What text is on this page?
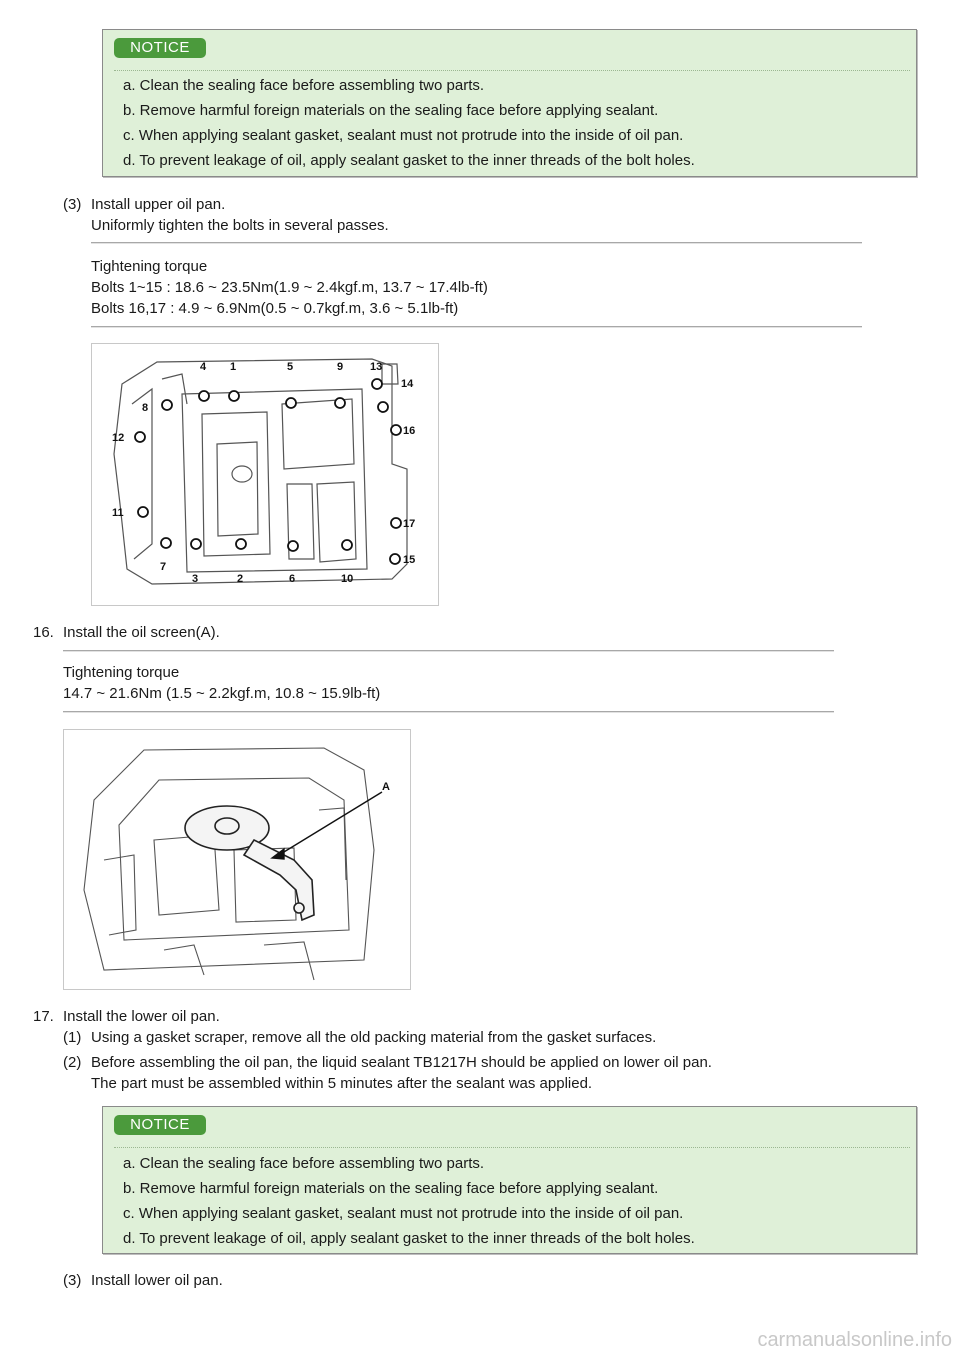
NOTICE
a. Clean the sealing face before assembling two parts.
b. Remove harmful foreign materials on the sealing face before applying sealant.
c. When applying sealant gasket, sealant must not protrude into the inside of oil pan.
d. To prevent leakage of oil, apply sealant gasket to the inner threads of the bolt holes.
(3) Install upper oil pan.
Uniformly tighten the bolts in several passes.
Tightening torque
Bolts 1~15 : 18.6 ~ 23.5Nm(1.9 ~ 2.4kgf.m, 13.7 ~ 17.4lb-ft)
Bolts 16,17 : 4.9 ~ 6.9Nm(0.5 ~ 0.7kgf.m, 3.6 ~ 5.1lb-ft)
4 1	5	9 13
14
8
12
16
11
17
7
3	2	6	10
15
16. Install the oil screen(A).
Tightening torque
14.7 ~ 21.6Nm (1.5 ~ 2.2kgf.m, 10.8 ~ 15.9lb-ft)
A
17. Install the lower oil pan.
(1) Using a gasket scraper, remove all the old packing material from the gasket surfaces.
(2) Before assembling the oil pan, the liquid sealant TB1217H should be applied on lower oil pan.
The part must be assembled within 5 minutes after the sealant was applied.
NOTICE
a. Clean the sealing face before assembling two parts.
b. Remove harmful foreign materials on the sealing face before applying sealant.
c. When applying sealant gasket, sealant must not protrude into the inside of oil pan.
d. To prevent leakage of oil, apply sealant gasket to the inner threads of the bolt holes.
(3) Install lower oil pan.
carmanualsonline.info
